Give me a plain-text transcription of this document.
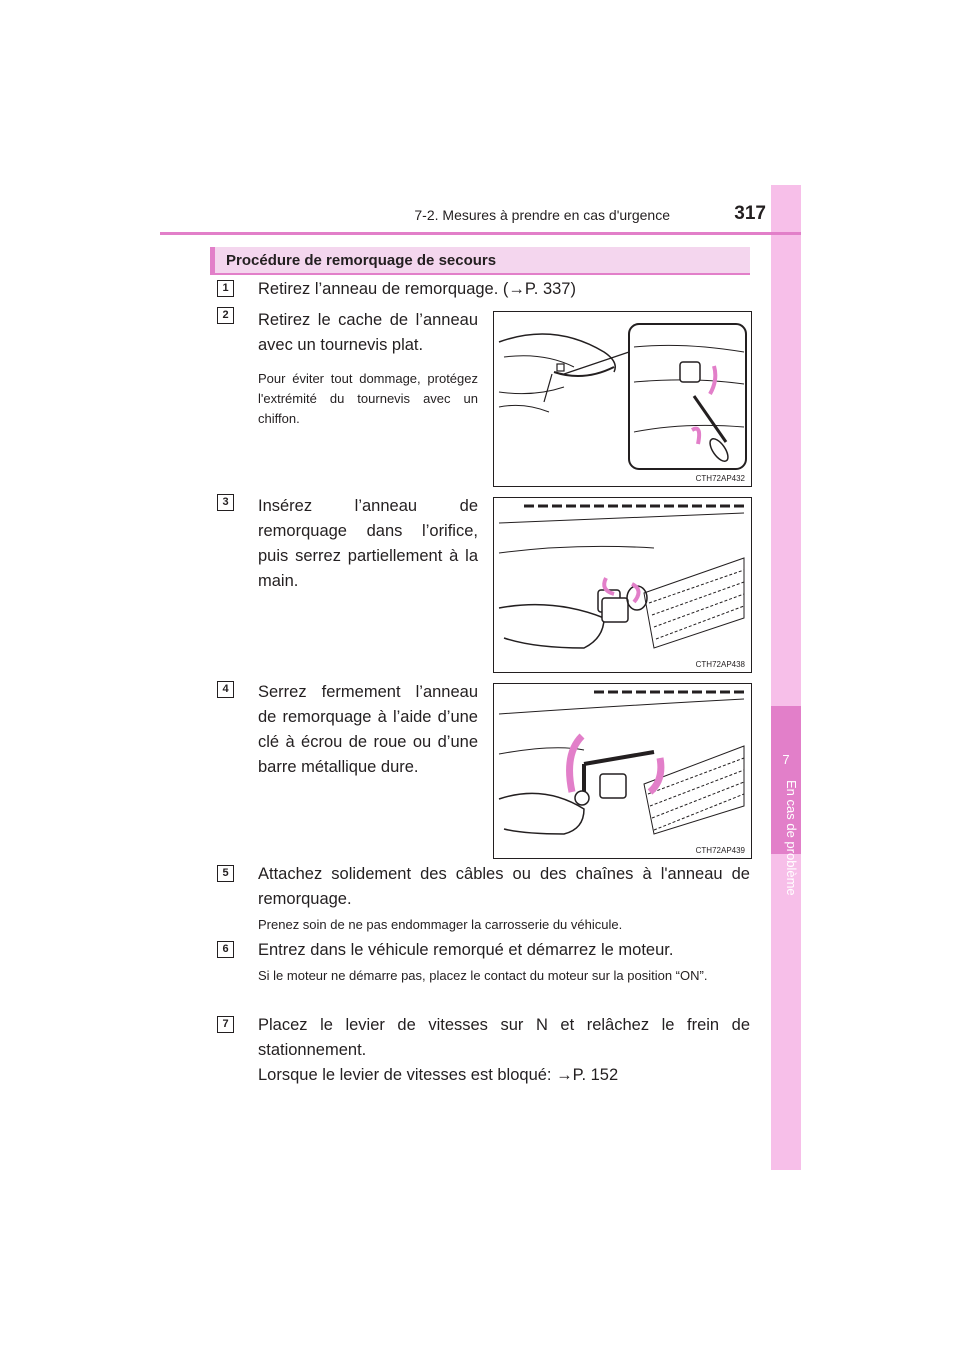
7
En cas de problème
7-2. Mesures à prendre en cas d'urgence	317
Procédure de remorquage de secours
1	Retirez l’anneau de remorquage. (→P. 337)
2	Retirez le cache de l’anneau avec un tournevis plat.
Pour éviter tout dommage, protégez l'extrémité du tournevis avec un chiffon.
CTH72AP432
3	Insérez l’anneau de remorquage dans l’orifice, puis serrez partiellement à la main.
CTH72AP438
4	Serrez fermement l’anneau de remorquage à l’aide d’une clé à écrou de roue ou d’une barre métallique dure.
CTH72AP439
5	Attachez solidement des câbles ou des chaînes à l'anneau de remorquage.
Prenez soin de ne pas endommager la carrosserie du véhicule.
6	Entrez dans le véhicule remorqué et démarrez le moteur.
Si le moteur ne démarre pas, placez le contact du moteur sur la position “ON”.
7	Placez le levier de vitesses sur N et relâchez le frein de stationnement.
Lorsque le levier de vitesses est bloqué: →P. 152
